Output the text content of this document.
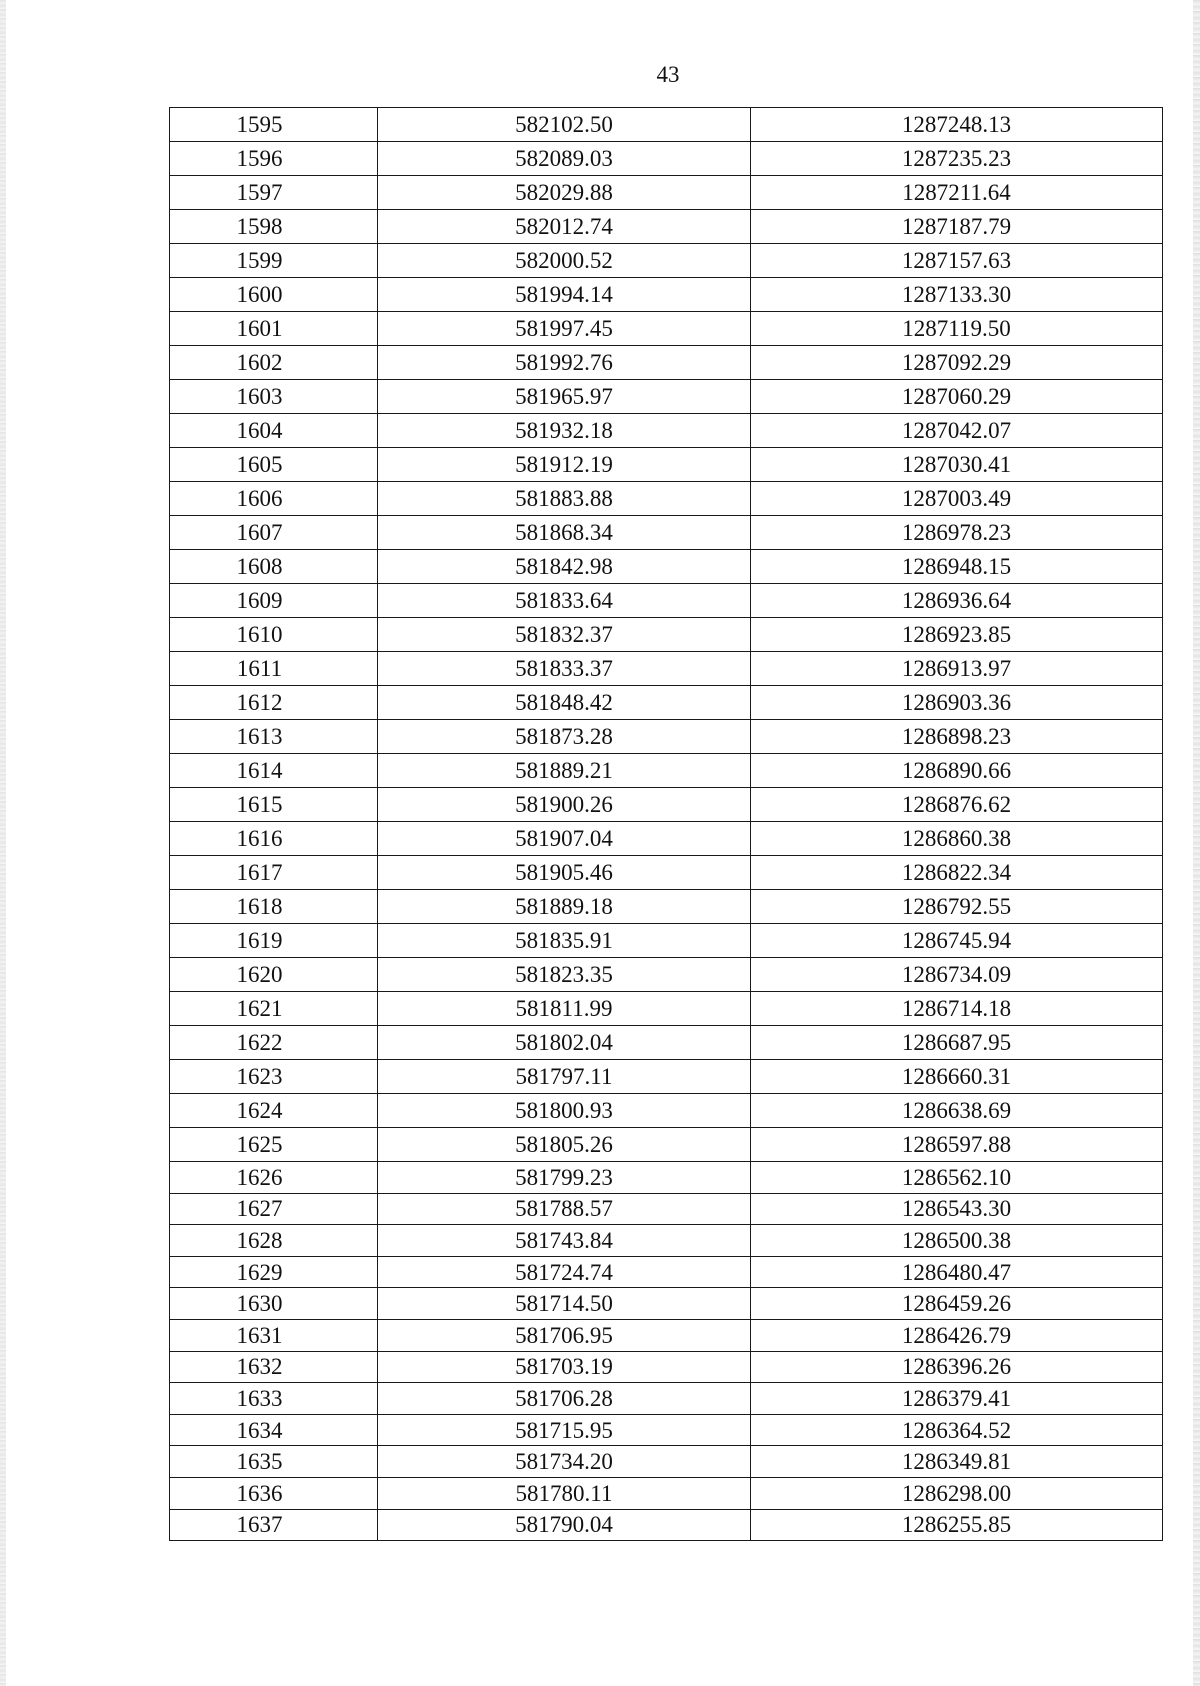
43
1595	582102.50	1287248.13
1596	582089.03	1287235.23
1597	582029.88	1287211.64
1598	582012.74	1287187.79
1599	582000.52	1287157.63
1600	581994.14	1287133.30
1601	581997.45	1287119.50
1602	581992.76	1287092.29
1603	581965.97	1287060.29
1604	581932.18	1287042.07
1605	581912.19	1287030.41
1606	581883.88	1287003.49
1607	581868.34	1286978.23
1608	581842.98	1286948.15
1609	581833.64	1286936.64
1610	581832.37	1286923.85
1611	581833.37	1286913.97
1612	581848.42	1286903.36
1613	581873.28	1286898.23
1614	581889.21	1286890.66
1615	581900.26	1286876.62
1616	581907.04	1286860.38
1617	581905.46	1286822.34
1618	581889.18	1286792.55
1619	581835.91	1286745.94
1620	581823.35	1286734.09
1621	581811.99	1286714.18
1622	581802.04	1286687.95
1623	581797.11	1286660.31
1624	581800.93	1286638.69
1625	581805.26	1286597.88
1626	581799.23	1286562.10
1627	581788.57	1286543.30
1628	581743.84	1286500.38
1629	581724.74	1286480.47
1630	581714.50	1286459.26
1631	581706.95	1286426.79
1632	581703.19	1286396.26
1633	581706.28	1286379.41
1634	581715.95	1286364.52
1635	581734.20	1286349.81
1636	581780.11	1286298.00
1637	581790.04	1286255.85
